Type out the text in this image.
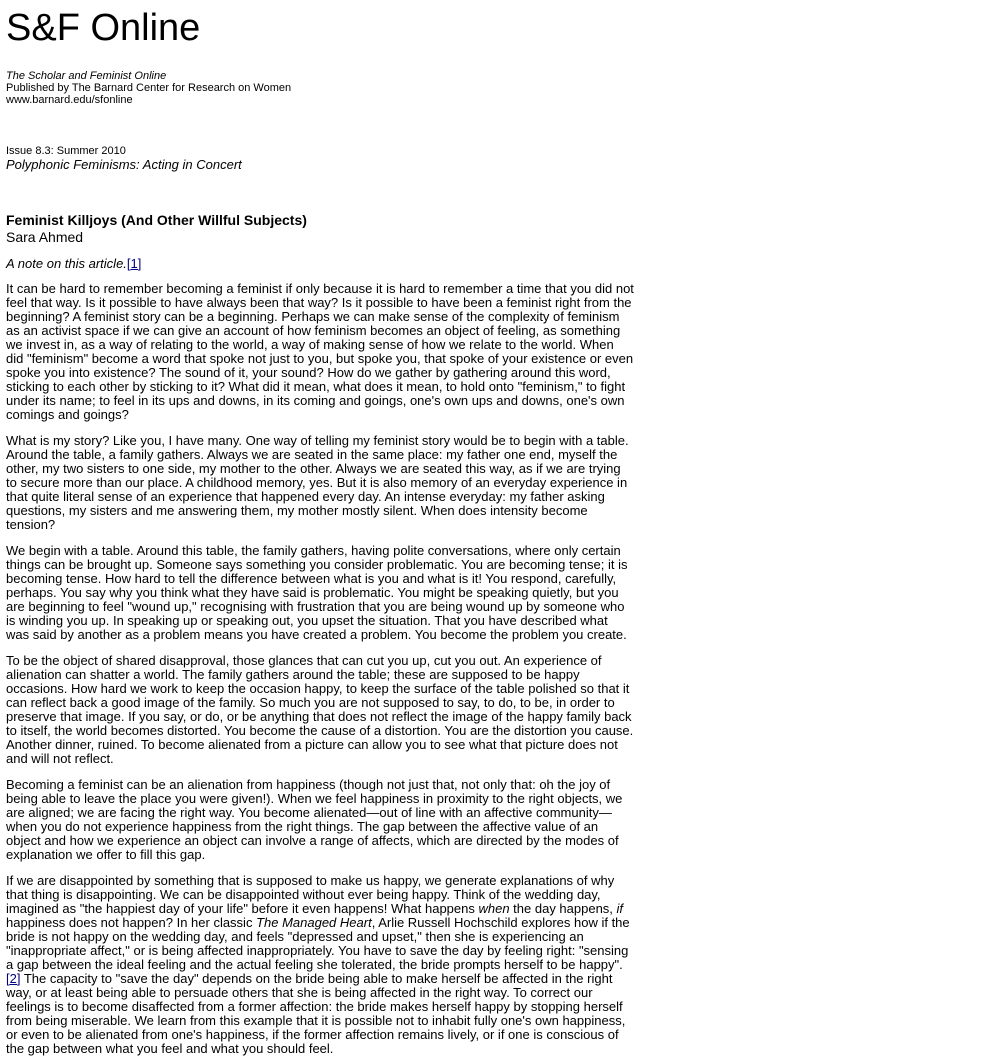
S&F Online
The Scholar and Feminist Online
Published by The Barnard Center for Research on Women
www.barnard.edu/sfonline
Issue 8.3: Summer 2010
Polyphonic Feminisms: Acting in Concert
Feminist Killjoys (And Other Willful Subjects)
Sara Ahmed
A note on this article.[1]

It can be hard to remember becoming a feminist if only because it is hard to remember a time that you did not feel that way. Is it possible to have always been that way? Is it possible to have been a feminist right from the beginning? A feminist story can be a beginning. Perhaps we can make sense of the complexity of feminism as an activist space if we can give an account of how feminism becomes an object of feeling, as something we invest in, as a way of relating to the world, a way of making sense of how we relate to the world. When did "feminism" become a word that spoke not just to you, but spoke you, that spoke of your existence or even spoke you into existence? The sound of it, your sound? How do we gather by gathering around this word, sticking to each other by sticking to it? What did it mean, what does it mean, to hold onto "feminism," to fight under its name; to feel in its ups and downs, in its coming and goings, one's own ups and downs, one's own comings and goings?

What is my story? Like you, I have many. One way of telling my feminist story would be to begin with a table. Around the table, a family gathers. Always we are seated in the same place: my father one end, myself the other, my two sisters to one side, my mother to the other. Always we are seated this way, as if we are trying to secure more than our place. A childhood memory, yes. But it is also memory of an everyday experience in that quite literal sense of an experience that happened every day. An intense everyday: my father asking questions, my sisters and me answering them, my mother mostly silent. When does intensity become tension?

We begin with a table. Around this table, the family gathers, having polite conversations, where only certain things can be brought up. Someone says something you consider problematic. You are becoming tense; it is becoming tense. How hard to tell the difference between what is you and what is it! You respond, carefully, perhaps. You say why you think what they have said is problematic. You might be speaking quietly, but you are beginning to feel "wound up," recognising with frustration that you are being wound up by someone who is winding you up. In speaking up or speaking out, you upset the situation. That you have described what was said by another as a problem means you have created a problem. You become the problem you create.

To be the object of shared disapproval, those glances that can cut you up, cut you out. An experience of alienation can shatter a world. The family gathers around the table; these are supposed to be happy occasions. How hard we work to keep the occasion happy, to keep the surface of the table polished so that it can reflect back a good image of the family. So much you are not supposed to say, to do, to be, in order to preserve that image. If you say, or do, or be anything that does not reflect the image of the happy family back to itself, the world becomes distorted. You become the cause of a distortion. You are the distortion you cause. Another dinner, ruined. To become alienated from a picture can allow you to see what that picture does not and will not reflect.

Becoming a feminist can be an alienation from happiness (though not just that, not only that: oh the joy of being able to leave the place you were given!). When we feel happiness in proximity to the right objects, we are aligned; we are facing the right way. You become alienated—out of line with an affective community—when you do not experience happiness from the right things. The gap between the affective value of an object and how we experience an object can involve a range of affects, which are directed by the modes of explanation we offer to fill this gap.

If we are disappointed by something that is supposed to make us happy, we generate explanations of why that thing is disappointing. We can be disappointed without ever being happy. Think of the wedding day, imagined as "the happiest day of your life" before it even happens! What happens when the day happens, if happiness does not happen? In her classic The Managed Heart, Arlie Russell Hochschild explores how if the bride is not happy on the wedding day, and feels "depressed and upset," then she is experiencing an "inappropriate affect," or is being affected inappropriately. You have to save the day by feeling right: "sensing a gap between the ideal feeling and the actual feeling she tolerated, the bride prompts herself to be happy".[2] The capacity to "save the day" depends on the bride being able to make herself be affected in the right way, or at least being able to persuade others that she is being affected in the right way. To correct our feelings is to become disaffected from a former affection: the bride makes herself happy by stopping herself from being miserable. We learn from this example that it is possible not to inhabit fully one's own happiness, or even to be alienated from one's happiness, if the former affection remains lively, or if one is conscious of the gap between what you feel and what you should feel.
